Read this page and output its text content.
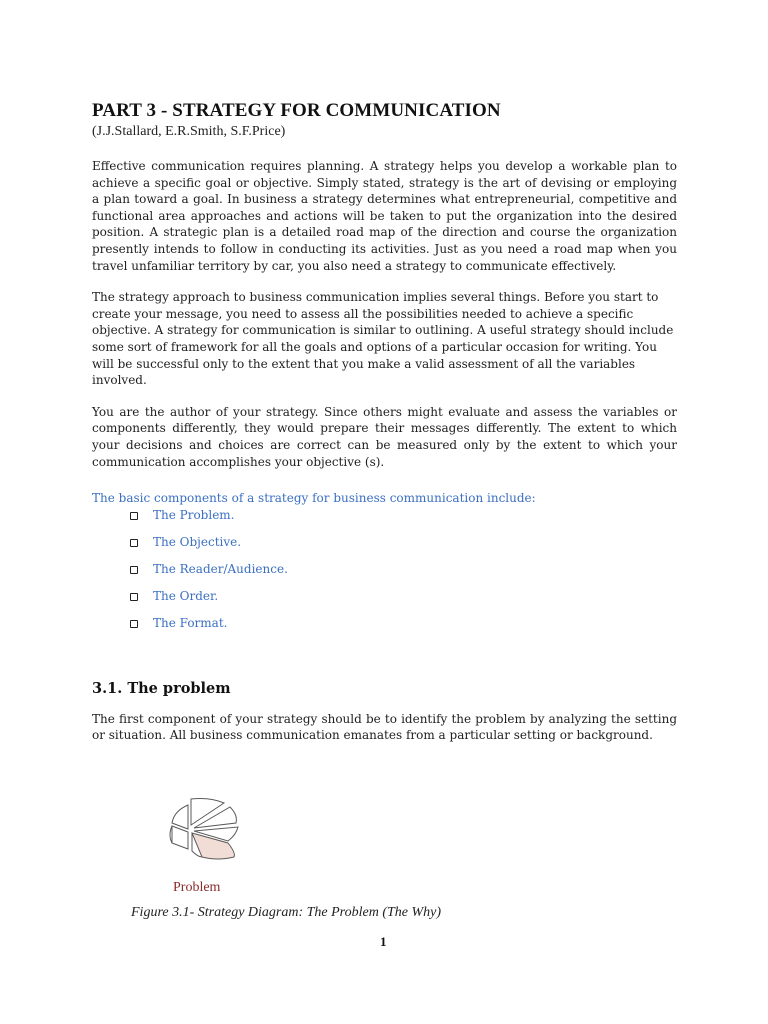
PART 3 - STRATEGY FOR COMMUNICATION
(J.J.Stallard, E.R.Smith, S.F.Price)

Effective communication requires planning. A strategy helps you develop a workable plan to achieve a specific goal or objective. Simply stated, strategy is the art of devising or employing a plan toward a goal. In business a strategy determines what entrepreneurial, competitive and functional area approaches and actions will be taken to put the organization into the desired position. A strategic plan is a detailed road map of the direction and course the organization presently intends to follow in conducting its activities. Just as you need a road map when you travel unfamiliar territory by car, you also need a strategy to communicate effectively.

The strategy approach to business communication implies several things. Before you start to create your message, you need to assess all the possibilities needed to achieve a specific objective. A strategy for communication is similar to outlining. A useful strategy should include some sort of framework for all the goals and options of a particular occasion for writing. You will be successful only to the extent that you make a valid assessment of all the variables involved.

You are the author of your strategy. Since others might evaluate and assess the variables or components differently, they would prepare their messages differently. The extent to which your decisions and choices are correct can be measured only by the extent to which your communication accomplishes your objective (s).

The basic components of a strategy for business communication include:
The Problem.
The Objective.
The Reader/Audience.
The Order.
The Format.
3.1. The problem

The first component of your strategy should be to identify the problem by analyzing the setting or situation. All business communication emanates from a particular setting or background.

Problem
Figure 3.1- Strategy Diagram: The Problem (The Why)
1
